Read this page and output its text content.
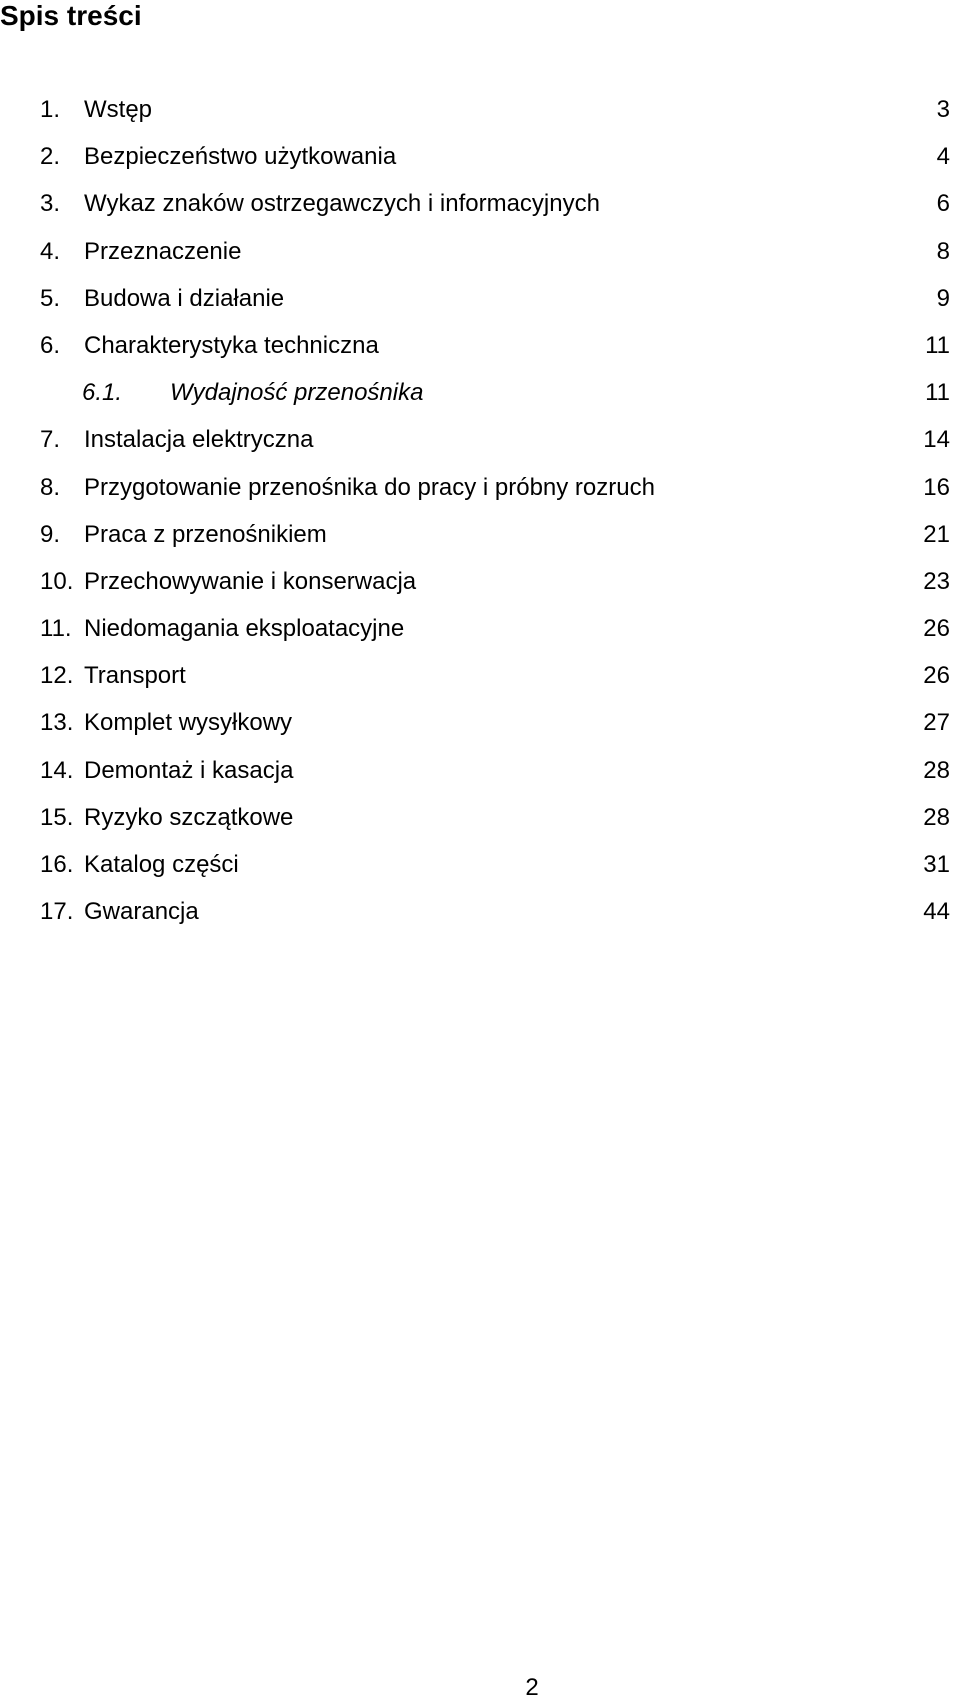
Spis treści
1. Wstęp	3
2. Bezpieczeństwo użytkowania	4
3. Wykaz znaków ostrzegawczych i informacyjnych	6
4. Przeznaczenie	8
5. Budowa i działanie	9
6. Charakterystyka techniczna	11
6.1. Wydajność przenośnika	11
7. Instalacja elektryczna	14
8. Przygotowanie przenośnika do pracy i próbny rozruch	16
9. Praca z przenośnikiem	21
10. Przechowywanie i konserwacja	23
11. Niedomagania eksploatacyjne	26
12. Transport	26
13. Komplet wysyłkowy	27
14. Demontaż i kasacja	28
15. Ryzyko szczątkowe	28
16. Katalog części	31
17. Gwarancja	44
2
